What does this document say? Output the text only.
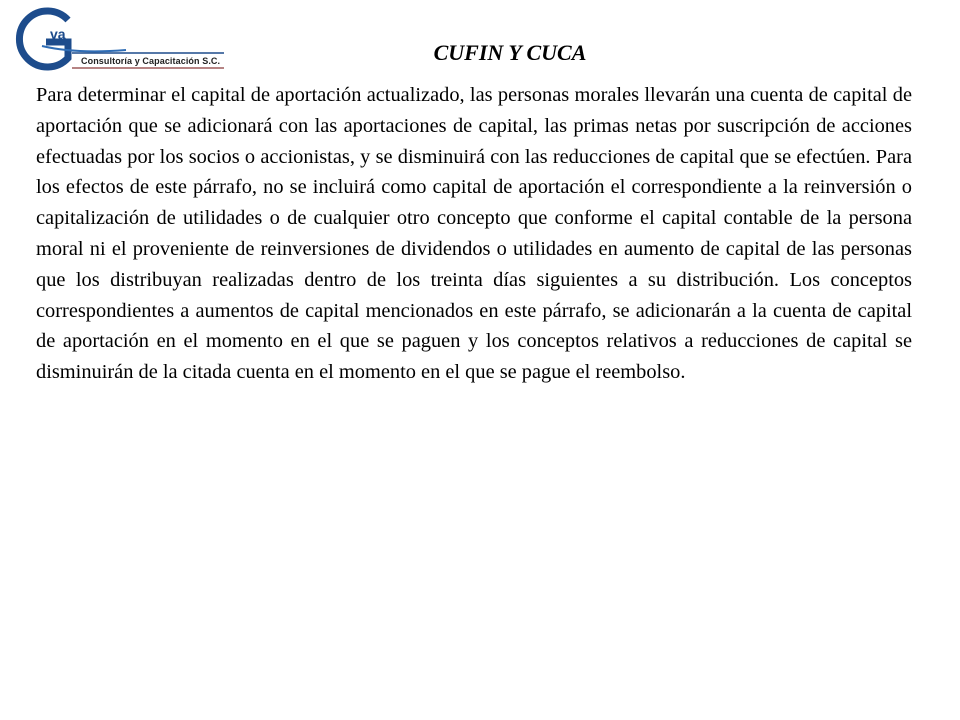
va
Consultoría y Capacitación S.C.	CUFIN Y CUCA

Para determinar el capital de aportación actualizado, las personas morales llevarán una cuenta de capital de aportación que se adicionará con las aportaciones de capital, las primas netas por suscripción de acciones efectuadas por los socios o accionistas, y se disminuirá con las reducciones de capital que se efectúen. Para los efectos de este párrafo, no se incluirá como capital de aportación el correspondiente a la reinversión o capitalización de utilidades o de cualquier otro concepto que conforme el capital contable de la persona moral ni el proveniente de reinversiones de dividendos o utilidades en aumento de capital de las personas que los distribuyan realizadas dentro de los treinta días siguientes a su distribución. Los conceptos correspondientes a aumentos de capital mencionados en este párrafo, se adicionarán a la cuenta de capital de aportación en el momento en el que se paguen y los conceptos relativos a reducciones de capital se disminuirán de la citada cuenta en el momento en el que se pague el reembolso.
